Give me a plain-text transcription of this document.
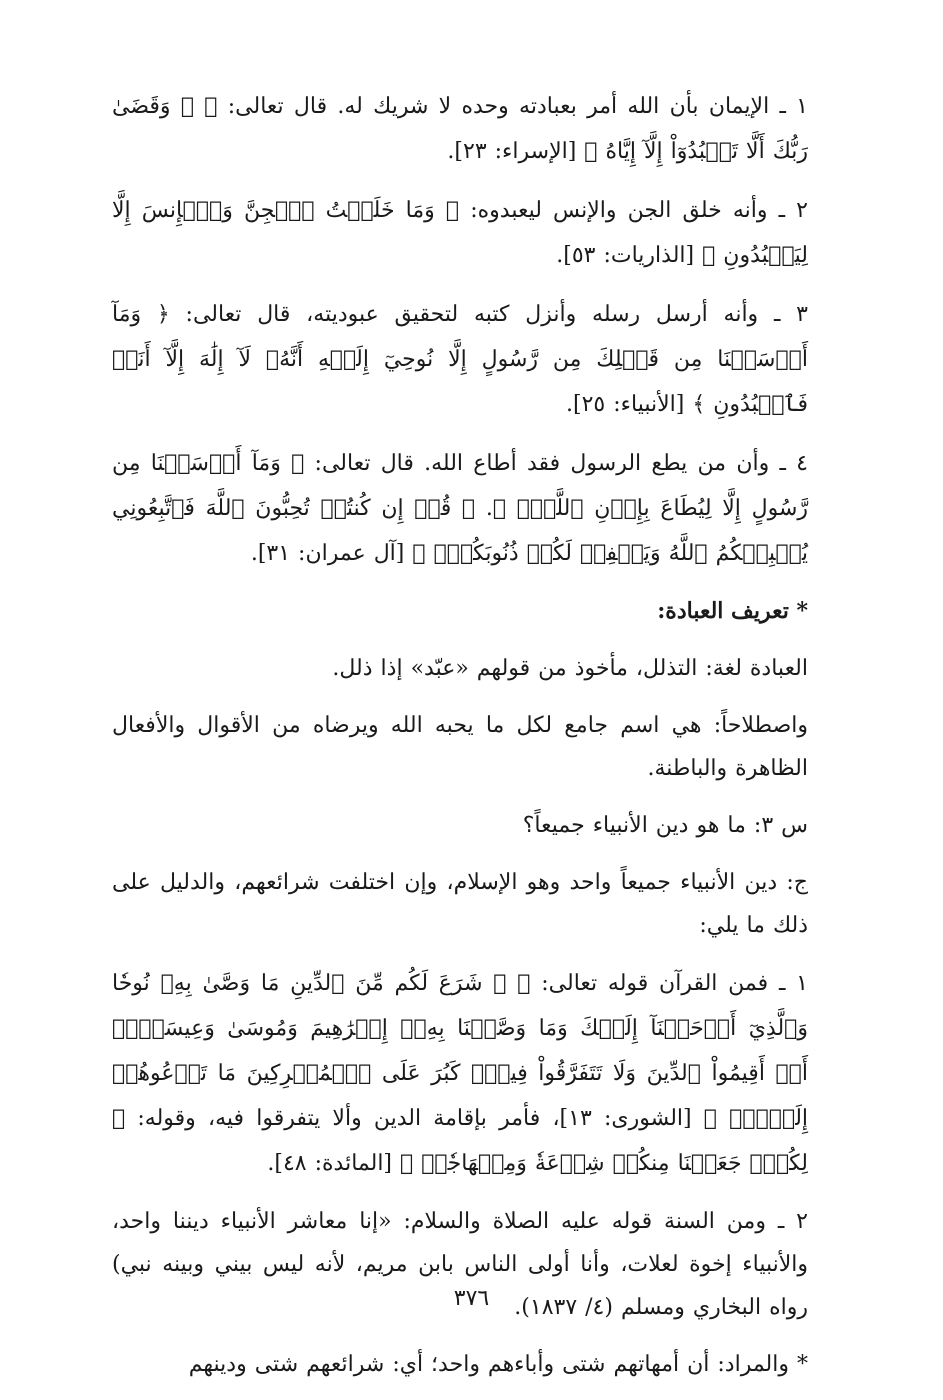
١ ـ الإيمان بأن الله أمر بعبادته وحده لا شريك له. قال تعالى: ﴿ ۞ وَقَضَىٰ رَبُّكَ أَلَّا تَعۡبُدُوٓاْ إِلَّآ إِيَّاهُ ﴾ [الإسراء: ٢٣].

٢ ـ وأنه خلق الجن والإنس ليعبدوه: ﴿ وَمَا خَلَقۡتُ ٱلۡجِنَّ وَٱلۡإِنسَ إِلَّا لِيَعۡبُدُونِ ﴾ [الذاريات: ٥٣].

٣ ـ وأنه أرسل رسله وأنزل كتبه لتحقيق عبوديته، قال تعالى: ﴿ وَمَآ أَرۡسَلۡنَا مِن قَبۡلِكَ مِن رَّسُولٍ إِلَّا نُوحِيٓ إِلَيۡهِ أَنَّهُۥ لَآ إِلَٰهَ إِلَّآ أَنَا۠ فَٱعۡبُدُونِ ﴾ [الأنبياء: ٢٥].

٤ ـ وأن من يطع الرسول فقد أطاع الله. قال تعالى: ﴿ وَمَآ أَرۡسَلۡنَا مِن رَّسُولٍ إِلَّا لِيُطَاعَ بِإِذۡنِ ٱللَّهِۚ ﴾. ﴿ قُلۡ إِن كُنتُمۡ تُحِبُّونَ ٱللَّهَ فَٱتَّبِعُونِي يُحۡبِبۡكُمُ ٱللَّهُ وَيَغۡفِرۡ لَكُمۡ ذُنُوبَكُمۡۚ ﴾ [آل عمران: ٣١].

* تعريف العبادة:

العبادة لغة: التذلل، مأخوذ من قولهم «عبّد» إذا ذلل.

واصطلاحاً: هي اسم جامع لكل ما يحبه الله ويرضاه من الأقوال والأفعال الظاهرة والباطنة.

س ٣: ما هو دين الأنبياء جميعاً؟

ج: دين الأنبياء جميعاً واحد وهو الإسلام، وإن اختلفت شرائعهم، والدليل على ذلك ما يلي:

١ ـ فمن القرآن قوله تعالى: ﴿ ۞ شَرَعَ لَكُم مِّنَ ٱلدِّينِ مَا وَصَّىٰ بِهِۦ نُوحٗا وَٱلَّذِيٓ أَوۡحَيۡنَآ إِلَيۡكَ وَمَا وَصَّيۡنَا بِهِۦٓ إِبۡرَٰهِيمَ وَمُوسَىٰ وَعِيسَىٰٓۖ أَنۡ أَقِيمُواْ ٱلدِّينَ وَلَا تَتَفَرَّقُواْ فِيهِۚ كَبُرَ عَلَى ٱلۡمُشۡرِكِينَ مَا تَدۡعُوهُمۡ إِلَيۡهِۚ ﴾ [الشورى: ١٣]، فأمر بإقامة الدين وألا يتفرقوا فيه، وقوله: ﴿ لِكُلّٖ جَعَلۡنَا مِنكُمۡ شِرۡعَةٗ وَمِنۡهَاجٗاۚ ﴾ [المائدة: ٤٨].

٢ ـ ومن السنة قوله عليه الصلاة والسلام: «إنا معاشر الأنبياء ديننا واحد، والأنبياء إخوة لعلات، وأنا أولى الناس بابن مريم، لأنه ليس بيني وبينه نبي) رواه البخاري ومسلم (٤/ ١٨٣٧).

* والمراد: أن أمهاتهم شتى وأباءهم واحد؛ أي: شرائعهم شتى ودينهم

٣٧٦
